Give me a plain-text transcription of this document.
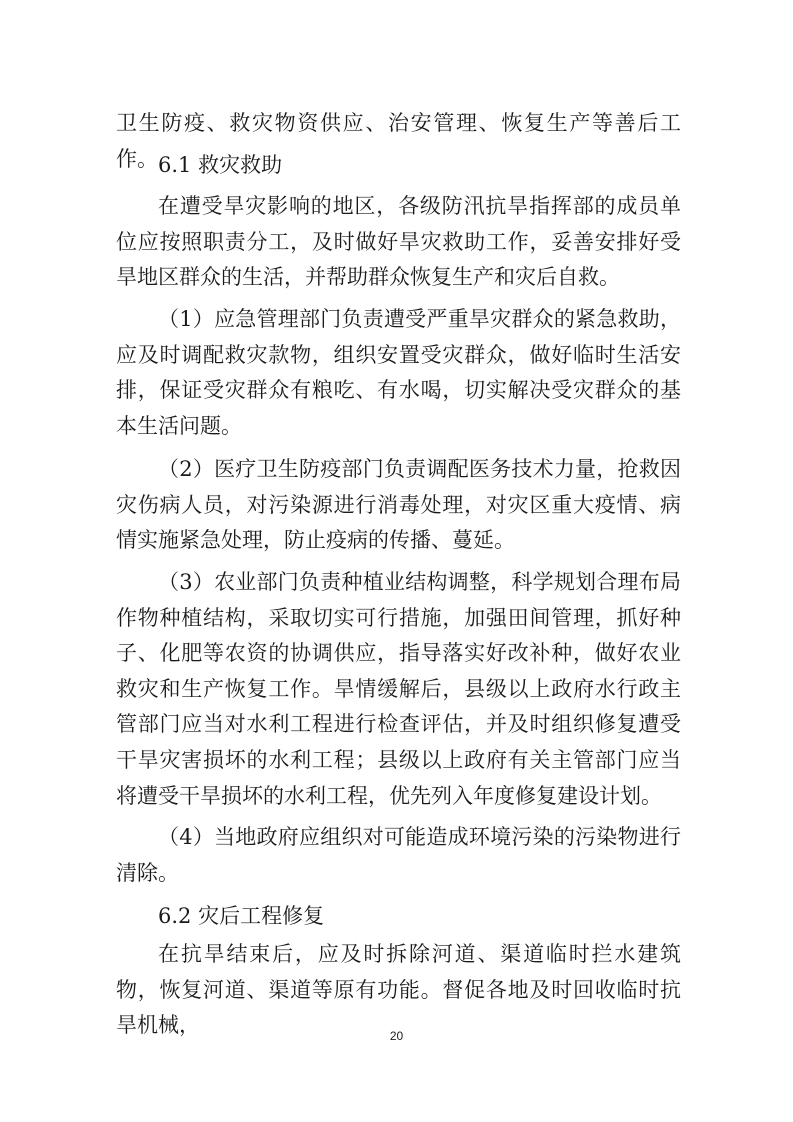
卫生防疫、救灾物资供应、治安管理、恢复生产等善后工作。 6.1 救灾救助

在遭受旱灾影响的地区，各级防汛抗旱指挥部的成员单位应按照职责分工，及时做好旱灾救助工作，妥善安排好受旱地区群众的生活，并帮助群众恢复生产和灾后自救。

（1）应急管理部门负责遭受严重旱灾群众的紧急救助，应及时调配救灾款物，组织安置受灾群众，做好临时生活安排，保证受灾群众有粮吃、有水喝，切实解决受灾群众的基本生活问题。

（2）医疗卫生防疫部门负责调配医务技术力量，抢救因灾伤病人员，对污染源进行消毒处理，对灾区重大疫情、病情实施紧急处理，防止疫病的传播、蔓延。

（3）农业部门负责种植业结构调整，科学规划合理布局作物种植结构，采取切实可行措施，加强田间管理，抓好种子、化肥等农资的协调供应，指导落实好改补种，做好农业救灾和生产恢复工作。旱情缓解后，县级以上政府水行政主管部门应当对水利工程进行检查评估，并及时组织修复遭受干旱灾害损坏的水利工程；县级以上政府有关主管部门应当将遭受干旱损坏的水利工程，优先列入年度修复建设计划。

（4）当地政府应组织对可能造成环境污染的污染物进行清除。

6.2 灾后工程修复

在抗旱结束后，应及时拆除河道、渠道临时拦水建筑物，恢复河道、渠道等原有功能。督促各地及时回收临时抗旱机械，	20
